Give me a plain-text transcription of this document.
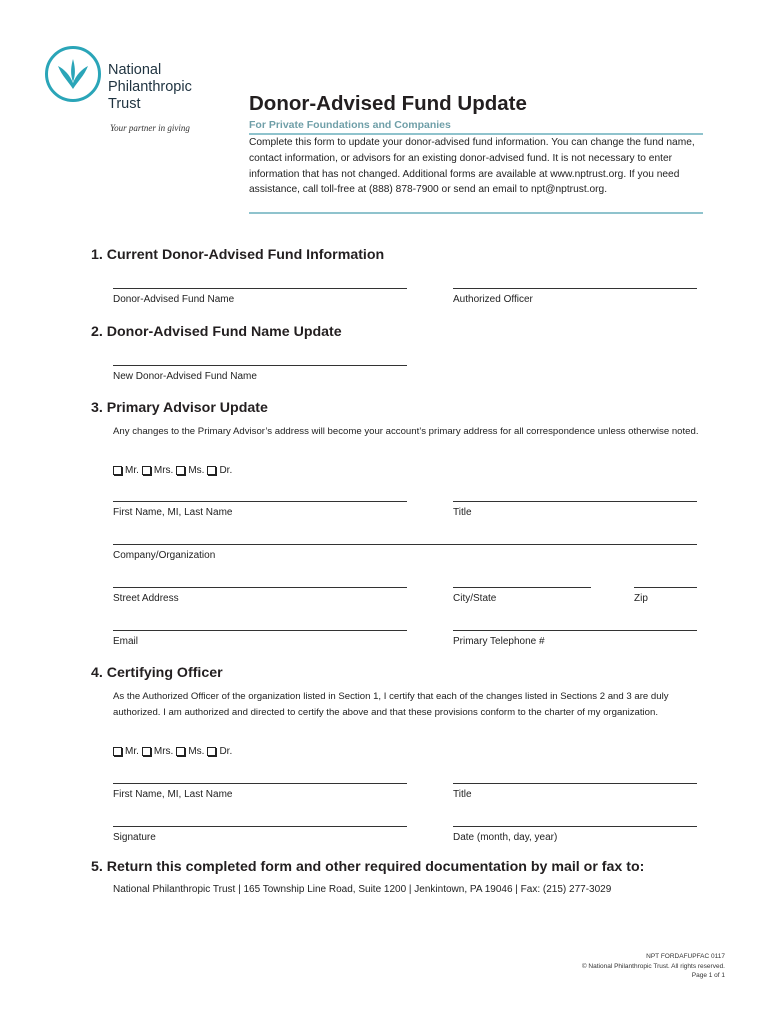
National
Philanthropic
Trust
Your partner in giving
Donor-Advised Fund Update
For Private Foundations and Companies
Complete this form to update your donor-advised fund information. You can change the fund name, contact information, or advisors for an existing donor-advised fund. It is not necessary to enter information that has not changed. Additional forms are available at www.nptrust.org. If you need assistance, call toll-free at (888) 878-7900 or send an email to npt@nptrust.org.
1. Current Donor-Advised Fund Information
Donor-Advised Fund Name	Authorized Officer
2. Donor-Advised Fund Name Update
New Donor-Advised Fund Name
3. Primary Advisor Update
Any changes to the Primary Advisor’s address will become your account’s primary address for all correspondence unless otherwise noted.
Mr. Mrs. Ms. Dr.
First Name, MI, Last Name	Title
Company/Organization
Street Address	City/State	Zip
Email	Primary Telephone #
4. Certifying Officer
As the Authorized Officer of the organization listed in Section 1, I certify that each of the changes listed in Sections 2 and 3 are duly authorized. I am authorized and directed to certify the above and that these provisions conform to the charter of my organization.
Mr. Mrs. Ms. Dr.
First Name, MI, Last Name	Title
Signature	Date (month, day, year)
5. Return this completed form and other required documentation by mail or fax to:
National Philanthropic Trust | 165 Township Line Road, Suite 1200 | Jenkintown, PA 19046 | Fax: (215) 277-3029
NPT FORDAFUPFAC 0117
© National Philanthropic Trust. All rights reserved.
Page 1 of 1
